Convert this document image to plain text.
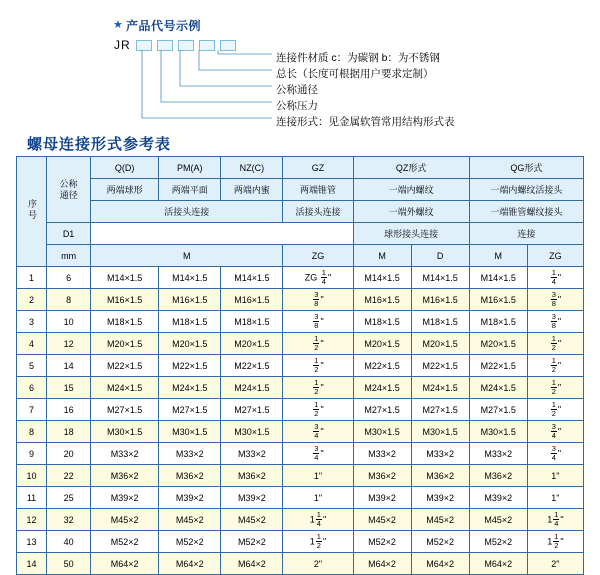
★ 产品代号示例
JR
连接件材质 c：为碳钢 b：为不锈钢
总长（长度可根据用户要求定制）
公称通径
公称压力
连接形式：见金属软管常用结构形式表
螺母连接形式参考表
序号	公称通径	Q(D)	PM(A)	NZ(C)	GZ	QZ形式		QG形式	
		两端球形	两端平面	两端内蜜	两端锥管	一端内螺纹		一端内螺纹活接头	
		活接头连接			活接头连接	一端外螺纹		一端锥管螺纹接头	
	D1					球形接头连接		连接	
	mm	M			ZG	M	D	M	ZG
1	6	M14×1.5	M14×1.5	M14×1.5	ZG $\frac{1}{4}$ "	M14×1.5	M14×1.5	M14×1.5	$\frac{1}{4}$ "
2	8	M16×1.5	M16×1.5	M16×1.5	$\frac{3}{8}$ "	M16×1.5	M16×1.5	M16×1.5	$\frac{3}{8}$ "
3	10	M18×1.5	M18×1.5	M18×1.5	$\frac{3}{8}$ "	M18×1.5	M18×1.5	M18×1.5	$\frac{3}{8}$ "
4	12	M20×1.5	M20×1.5	M20×1.5	$\frac{1}{2}$ "	M20×1.5	M20×1.5	M20×1.5	$\frac{1}{2}$ "
5	14	M22×1.5	M22×1.5	M22×1.5	$\frac{1}{2}$ "	M22×1.5	M22×1.5	M22×1.5	$\frac{1}{2}$ "
6	15	M24×1.5	M24×1.5	M24×1.5	$\frac{1}{2}$ "	M24×1.5	M24×1.5	M24×1.5	$\frac{1}{2}$ "
7	16	M27×1.5	M27×1.5	M27×1.5	$\frac{1}{2}$ "	M27×1.5	M27×1.5	M27×1.5	$\frac{1}{2}$ "
8	18	M30×1.5	M30×1.5	M30×1.5	$\frac{3}{4}$ "	M30×1.5	M30×1.5	M30×1.5	$\frac{3}{4}$ "
9	20	M33×2	M33×2	M33×2	$\frac{3}{4}$ "	M33×2	M33×2	M33×2	$\frac{3}{4}$ "
10	22	M36×2	M36×2	M36×2	1"	M36×2	M36×2	M36×2	1"
11	25	M39×2	M39×2	M39×2	1"	M39×2	M39×2	M39×2	1"
12	32	M45×2	M45×2	M45×2	$1 \frac{1}{4}$ "	M45×2	M45×2	M45×2	$1 \frac{1}{4}$ "
13	40	M52×2	M52×2	M52×2	$1 \frac{1}{2}$ "	M52×2	M52×2	M52×2	$1 \frac{1}{2}$ "
14	50	M64×2	M64×2	M64×2	2"	M64×2	M64×2	M64×2	2"
